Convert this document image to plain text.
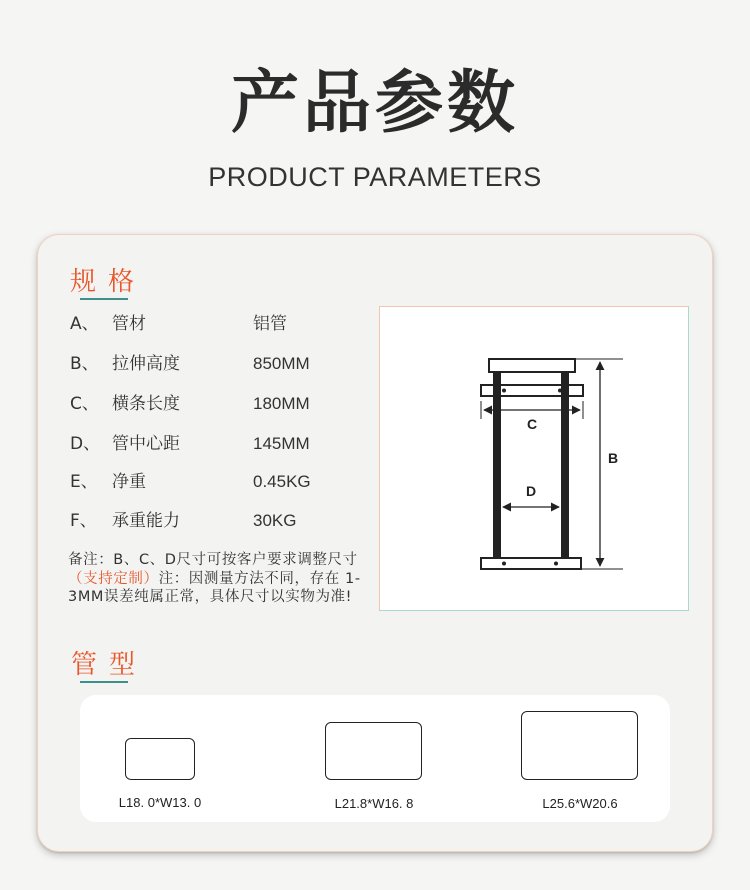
产品参数
PRODUCT PARAMETERS
规格
A、 管材	铝管
B、 拉伸高度	850MM
C、 横条长度	180MM
D、 管中心距	145MM
E、 净重	0.45KG
F、 承重能力	30KG
备注：B、C、D尺寸可按客户要求调整尺寸（支持定制）注：因测量方法不同，存在 1-3MM误差纯属正常，具体尺寸以实物为准!
C
D
B
管型
L18. 0*W13. 0	L21.8*W16. 8	L25.6*W20.6
